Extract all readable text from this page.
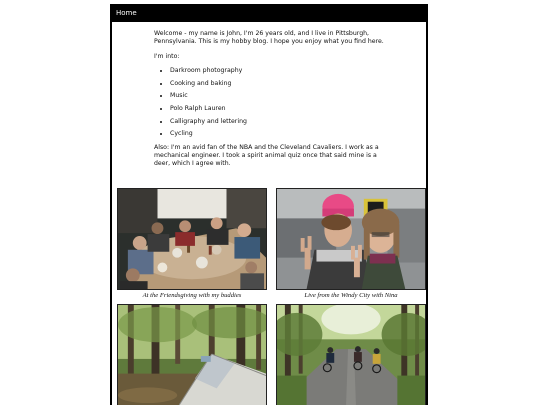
Home

Welcome - my name is John, I'm 26 years old, and I live in Pittsburgh, Pennsylvania. This is my hobby blog. I hope you enjoy what you find here.

I'm into:

• Darkroom photography
• Cooking and baking
• Music
• Polo Ralph Lauren
• Calligraphy and lettering
• Cycling

Also: I'm an avid fan of the NBA and the Cleveland Cavaliers. I work as a mechanical engineer. I took a spirit animal quiz once that said mine is a deer, which I agree with.

At the Friendsgiving with my buddies	Live from the Windy City with Nina
